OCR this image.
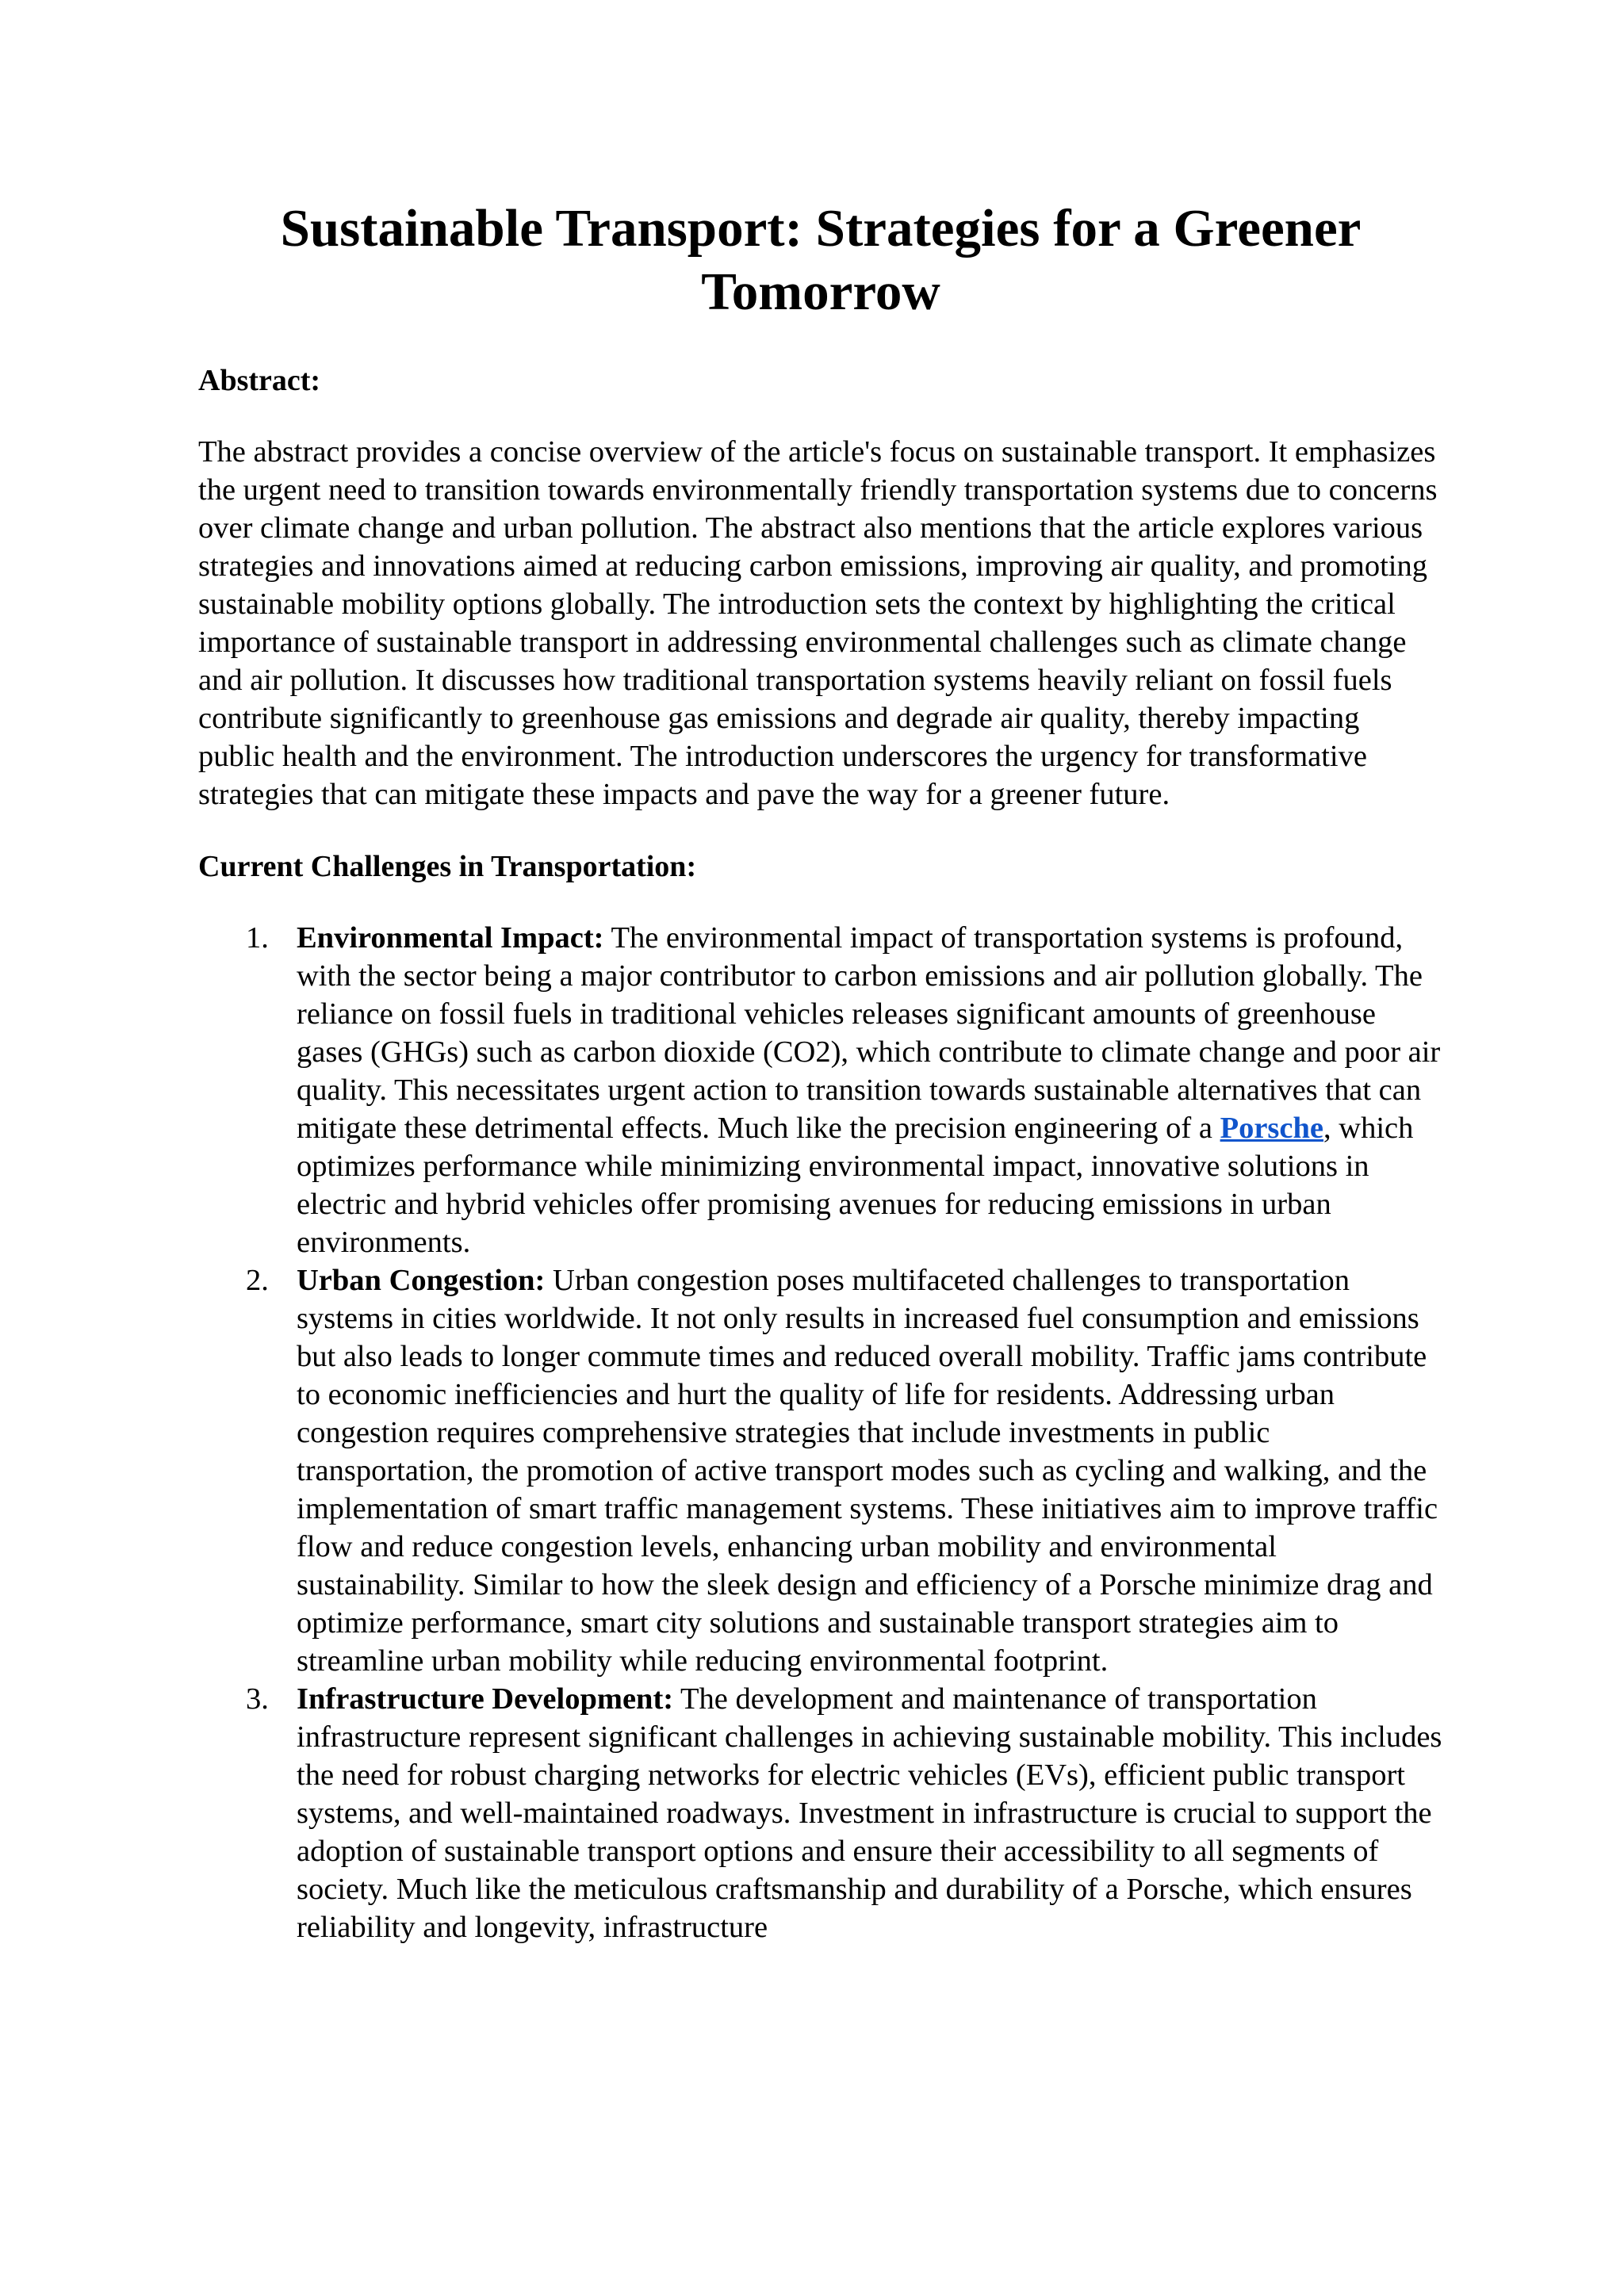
Sustainable Transport: Strategies for a Greener Tomorrow
Abstract:

The abstract provides a concise overview of the article's focus on sustainable transport. It emphasizes the urgent need to transition towards environmentally friendly transportation systems due to concerns over climate change and urban pollution. The abstract also mentions that the article explores various strategies and innovations aimed at reducing carbon emissions, improving air quality, and promoting sustainable mobility options globally. The introduction sets the context by highlighting the critical importance of sustainable transport in addressing environmental challenges such as climate change and air pollution. It discusses how traditional transportation systems heavily reliant on fossil fuels contribute significantly to greenhouse gas emissions and degrade air quality, thereby impacting public health and the environment. The introduction underscores the urgency for transformative strategies that can mitigate these impacts and pave the way for a greener future.

Current Challenges in Transportation:
1. Environmental Impact: The environmental impact of transportation systems is profound, with the sector being a major contributor to carbon emissions and air pollution globally. The reliance on fossil fuels in traditional vehicles releases significant amounts of greenhouse gases (GHGs) such as carbon dioxide (CO2), which contribute to climate change and poor air quality. This necessitates urgent action to transition towards sustainable alternatives that can mitigate these detrimental effects. Much like the precision engineering of a Porsche, which optimizes performance while minimizing environmental impact, innovative solutions in electric and hybrid vehicles offer promising avenues for reducing emissions in urban environments.
2. Urban Congestion: Urban congestion poses multifaceted challenges to transportation systems in cities worldwide. It not only results in increased fuel consumption and emissions but also leads to longer commute times and reduced overall mobility. Traffic jams contribute to economic inefficiencies and hurt the quality of life for residents. Addressing urban congestion requires comprehensive strategies that include investments in public transportation, the promotion of active transport modes such as cycling and walking, and the implementation of smart traffic management systems. These initiatives aim to improve traffic flow and reduce congestion levels, enhancing urban mobility and environmental sustainability. Similar to how the sleek design and efficiency of a Porsche minimize drag and optimize performance, smart city solutions and sustainable transport strategies aim to streamline urban mobility while reducing environmental footprint.
3. Infrastructure Development: The development and maintenance of transportation infrastructure represent significant challenges in achieving sustainable mobility. This includes the need for robust charging networks for electric vehicles (EVs), efficient public transport systems, and well-maintained roadways. Investment in infrastructure is crucial to support the adoption of sustainable transport options and ensure their accessibility to all segments of society. Much like the meticulous craftsmanship and durability of a Porsche, which ensures reliability and longevity, infrastructure
